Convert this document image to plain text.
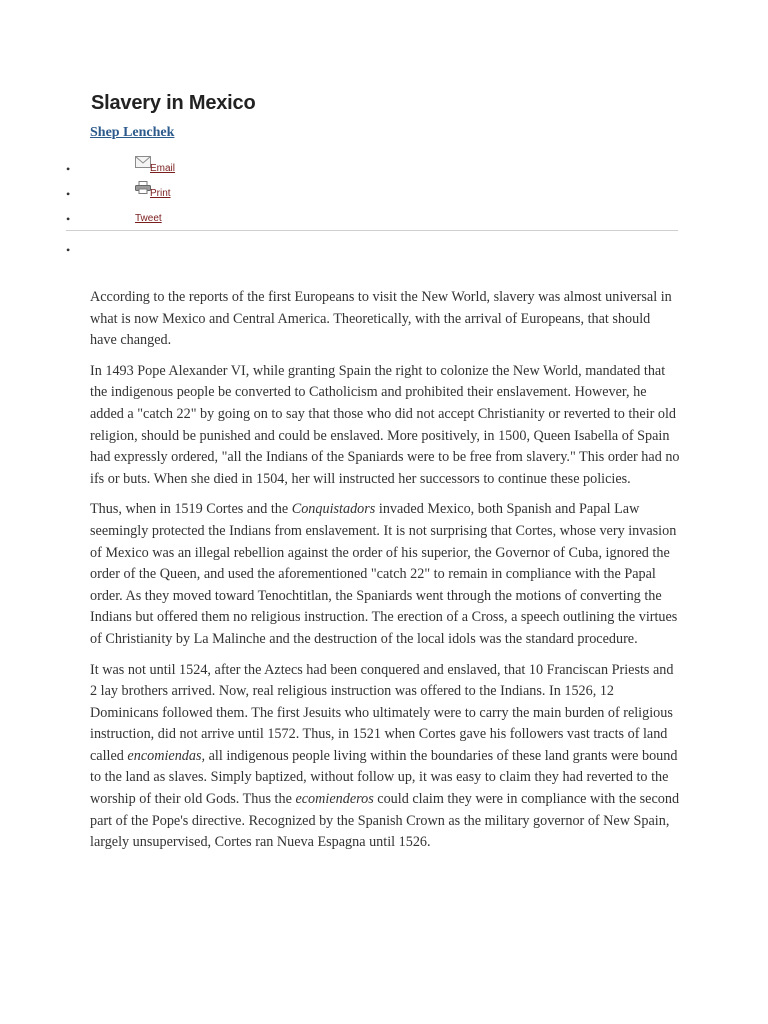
Slavery in Mexico
Shep Lenchek
•	Email
•	Print
•	Tweet
•

According to the reports of the first Europeans to visit the New World, slavery was almost universal in what is now Mexico and Central America. Theoretically, with the arrival of Europeans, that should have changed.

In 1493 Pope Alexander VI, while granting Spain the right to colonize the New World, mandated that the indigenous people be converted to Catholicism and prohibited their enslavement. However, he added a "catch 22" by going on to say that those who did not accept Christianity or reverted to their old religion, should be punished and could be enslaved. More positively, in 1500, Queen Isabella of Spain had expressly ordered, "all the Indians of the Spaniards were to be free from slavery." This order had no ifs or buts. When she died in 1504, her will instructed her successors to continue these policies.

Thus, when in 1519 Cortes and the Conquistadors invaded Mexico, both Spanish and Papal Law seemingly protected the Indians from enslavement. It is not surprising that Cortes, whose very invasion of Mexico was an illegal rebellion against the order of his superior, the Governor of Cuba, ignored the order of the Queen, and used the aforementioned "catch 22" to remain in compliance with the Papal order. As they moved toward Tenochtitlan, the Spaniards went through the motions of converting the Indians but offered them no religious instruction. The erection of a Cross, a speech outlining the virtues of Christianity by La Malinche and the destruction of the local idols was the standard procedure.

It was not until 1524, after the Aztecs had been conquered and enslaved, that 10 Franciscan Priests and 2 lay brothers arrived. Now, real religious instruction was offered to the Indians. In 1526, 12 Dominicans followed them. The first Jesuits who ultimately were to carry the main burden of religious instruction, did not arrive until 1572. Thus, in 1521 when Cortes gave his followers vast tracts of land called encomiendas, all indigenous people living within the boundaries of these land grants were bound to the land as slaves. Simply baptized, without follow up, it was easy to claim they had reverted to the worship of their old Gods. Thus the ecomienderos could claim they were in compliance with the second part of the Pope's directive. Recognized by the Spanish Crown as the military governor of New Spain, largely unsupervised, Cortes ran Nueva Espagna until 1526.
